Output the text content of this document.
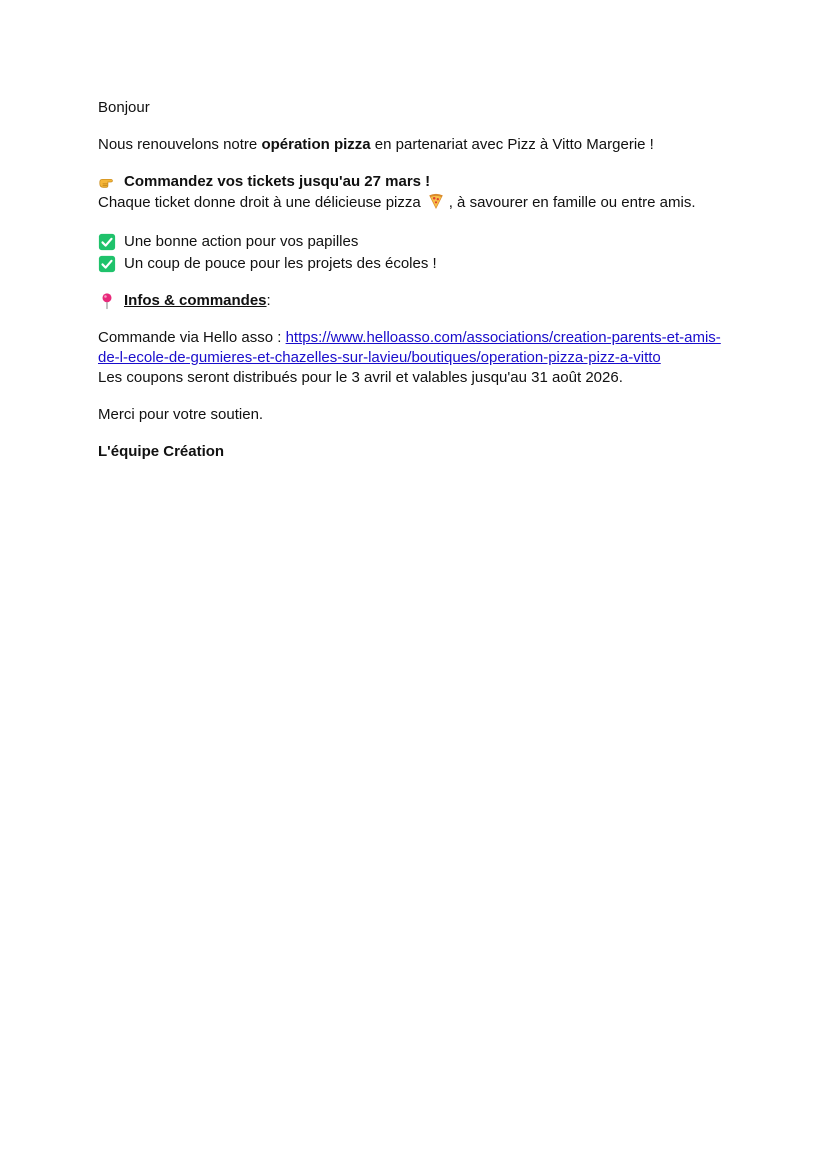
Bonjour

Nous renouvelons notre opération pizza en partenariat avec Pizz à Vitto Margerie !

Commandez vos tickets jusqu'au 27 mars !

Chaque ticket donne droit à une délicieuse pizza , à savourer en famille ou entre amis.

Une bonne action pour vos papilles
Un coup de pouce pour les projets des écoles !
Infos & commandes :

Commande via Hello asso : https://www.helloasso.com/associations/creation-parents-et-amis-de-l-ecole-de-gumieres-et-chazelles-sur-lavieu/boutiques/operation-pizza-pizz-a-vitto

Les coupons seront distribués pour le 3 avril et valables jusqu'au 31 août 2026.

Merci pour votre soutien.

L'équipe Création
